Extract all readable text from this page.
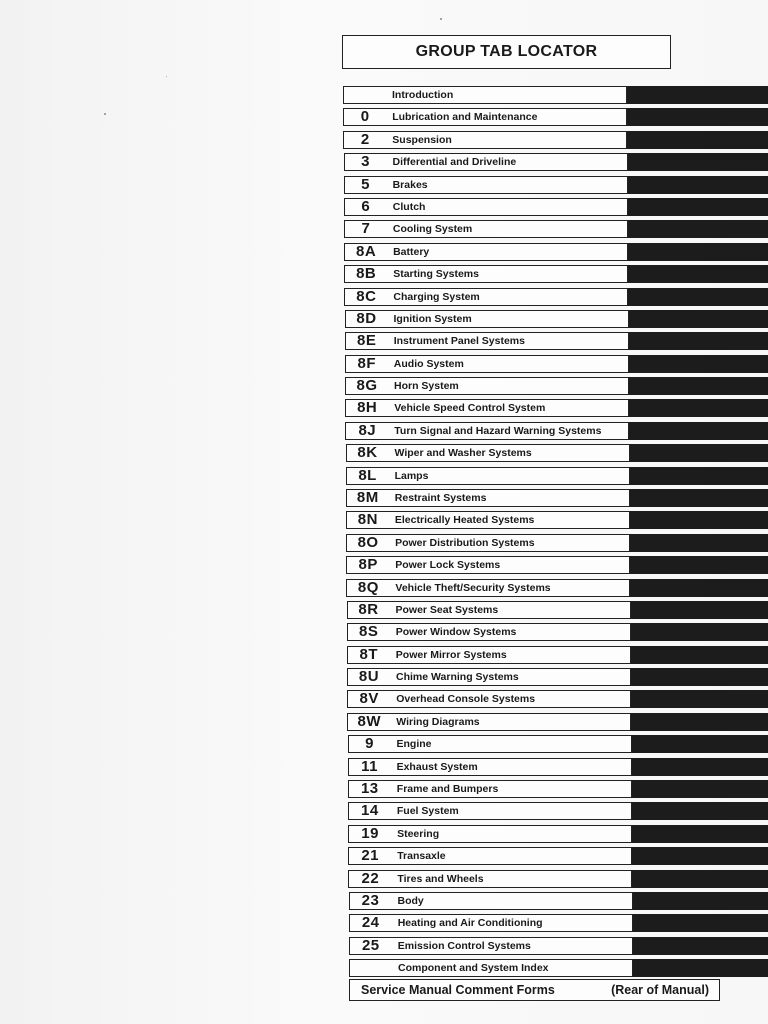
GROUP TAB LOCATOR
Introduction
0	Lubrication and Maintenance
2	Suspension
3	Differential and Driveline
5	Brakes
6	Clutch
7	Cooling System
8A	Battery
8B	Starting Systems
8C	Charging System
8D	Ignition System
8E	Instrument Panel Systems
8F	Audio System
8G	Horn System
8H	Vehicle Speed Control System
8J	Turn Signal and Hazard Warning Systems
8K	Wiper and Washer Systems
8L	Lamps
8M	Restraint Systems
8N	Electrically Heated Systems
8O	Power Distribution Systems
8P	Power Lock Systems
8Q	Vehicle Theft/Security Systems
8R	Power Seat Systems
8S	Power Window Systems
8T	Power Mirror Systems
8U	Chime Warning Systems
8V	Overhead Console Systems
8W	Wiring Diagrams
9	Engine
11	Exhaust System
13	Frame and Bumpers
14	Fuel System
19	Steering
21	Transaxle
22	Tires and Wheels
23	Body
24	Heating and Air Conditioning
25	Emission Control Systems
Component and System Index
Service Manual Comment Forms	(Rear of Manual)
